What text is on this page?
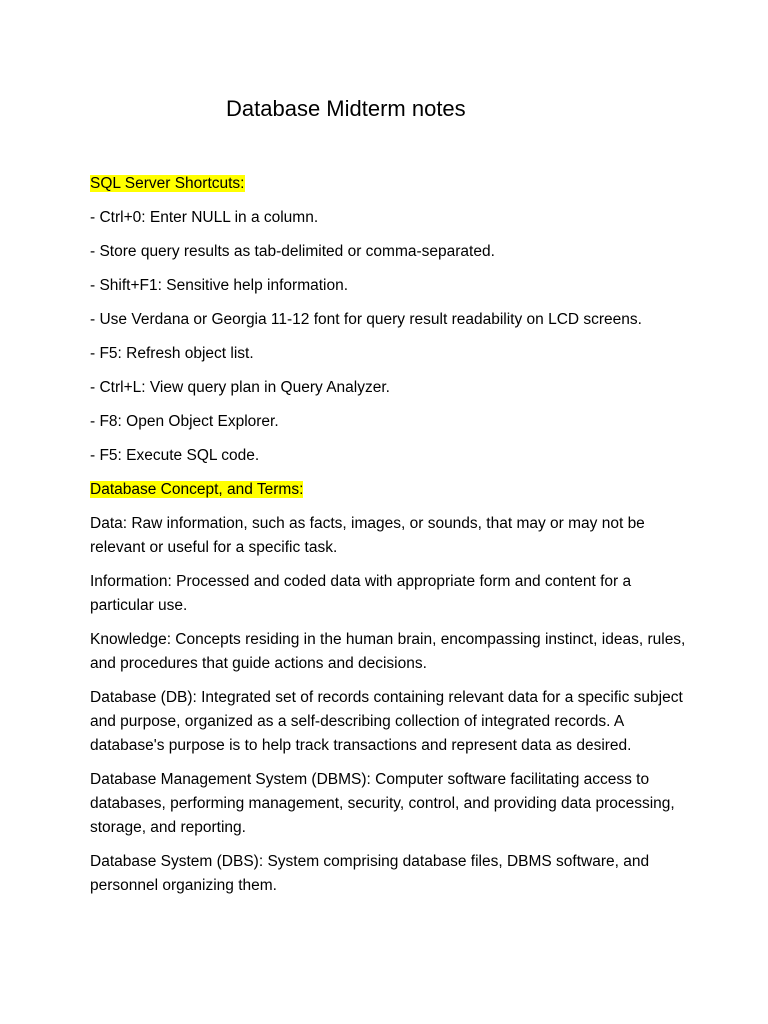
Database Midterm notes
SQL Server Shortcuts:
- Ctrl+0: Enter NULL in a column.
- Store query results as tab-delimited or comma-separated.
- Shift+F1: Sensitive help information.
- Use Verdana or Georgia 11-12 font for query result readability on LCD screens.
- F5: Refresh object list.
- Ctrl+L: View query plan in Query Analyzer.
- F8: Open Object Explorer.
- F5: Execute SQL code.
Database Concept, and Terms:
Data: Raw information, such as facts, images, or sounds, that may or may not be relevant or useful for a specific task.
Information: Processed and coded data with appropriate form and content for a particular use.
Knowledge: Concepts residing in the human brain, encompassing instinct, ideas, rules, and procedures that guide actions and decisions.
Database (DB): Integrated set of records containing relevant data for a specific subject and purpose, organized as a self-describing collection of integrated records. A database's purpose is to help track transactions and represent data as desired.
Database Management System (DBMS): Computer software facilitating access to databases, performing management, security, control, and providing data processing, storage, and reporting.
Database System (DBS): System comprising database files, DBMS software, and personnel organizing them.
